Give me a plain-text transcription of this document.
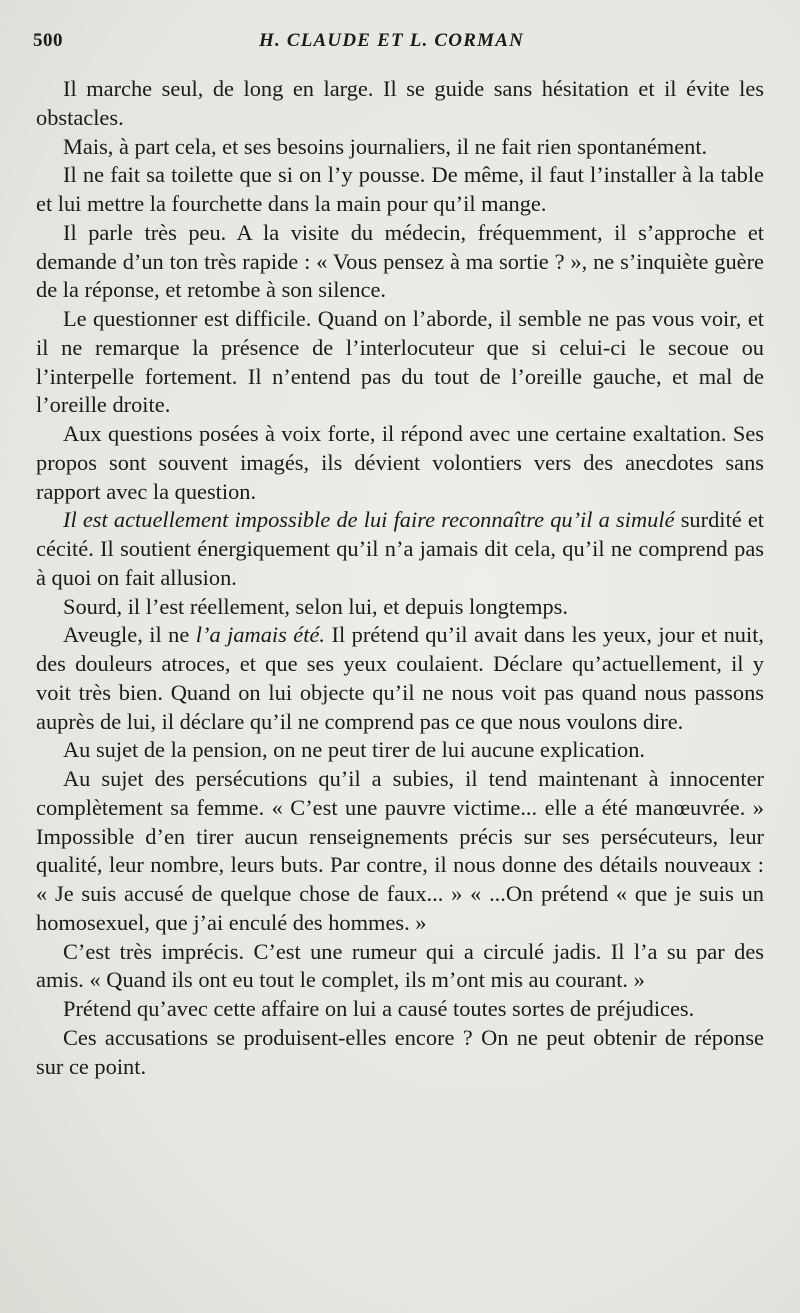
500	H. CLAUDE ET L. CORMAN

Il marche seul, de long en large. Il se guide sans hésitation et il évite les obstacles.

Mais, à part cela, et ses besoins journaliers, il ne fait rien spontanément.

Il ne fait sa toilette que si on l’y pousse. De même, il faut l’installer à la table et lui mettre la fourchette dans la main pour qu’il mange.

Il parle très peu. A la visite du médecin, fréquemment, il s’approche et demande d’un ton très rapide : « Vous pensez à ma sortie ? », ne s’inquiète guère de la réponse, et retombe à son silence.

Le questionner est difficile. Quand on l’aborde, il semble ne pas vous voir, et il ne remarque la présence de l’interlocuteur que si celui-ci le secoue ou l’interpelle fortement. Il n’entend pas du tout de l’oreille gauche, et mal de l’oreille droite.

Aux questions posées à voix forte, il répond avec une certaine exaltation. Ses propos sont souvent imagés, ils dévient volontiers vers des anecdotes sans rapport avec la question.

Il est actuellement impossible de lui faire reconnaître qu’il a simulé surdité et cécité. Il soutient énergiquement qu’il n’a jamais dit cela, qu’il ne comprend pas à quoi on fait allusion.

Sourd, il l’est réellement, selon lui, et depuis longtemps.

Aveugle, il ne l’a jamais été. Il prétend qu’il avait dans les yeux, jour et nuit, des douleurs atroces, et que ses yeux coulaient. Déclare qu’actuellement, il y voit très bien. Quand on lui objecte qu’il ne nous voit pas quand nous passons auprès de lui, il déclare qu’il ne comprend pas ce que nous voulons dire.

Au sujet de la pension, on ne peut tirer de lui aucune explication.

Au sujet des persécutions qu’il a subies, il tend maintenant à innocenter complètement sa femme. « C’est une pauvre victime... elle a été manœuvrée. » Impossible d’en tirer aucun renseignements précis sur ses persécuteurs, leur qualité, leur nombre, leurs buts. Par contre, il nous donne des détails nouveaux : « Je suis accusé de quelque chose de faux... » « ...On prétend « que je suis un homosexuel, que j’ai enculé des hommes. »

C’est très imprécis. C’est une rumeur qui a circulé jadis. Il l’a su par des amis. « Quand ils ont eu tout le complet, ils m’ont mis au courant. »

Prétend qu’avec cette affaire on lui a causé toutes sortes de préjudices.

Ces accusations se produisent-elles encore ? On ne peut obtenir de réponse sur ce point.
